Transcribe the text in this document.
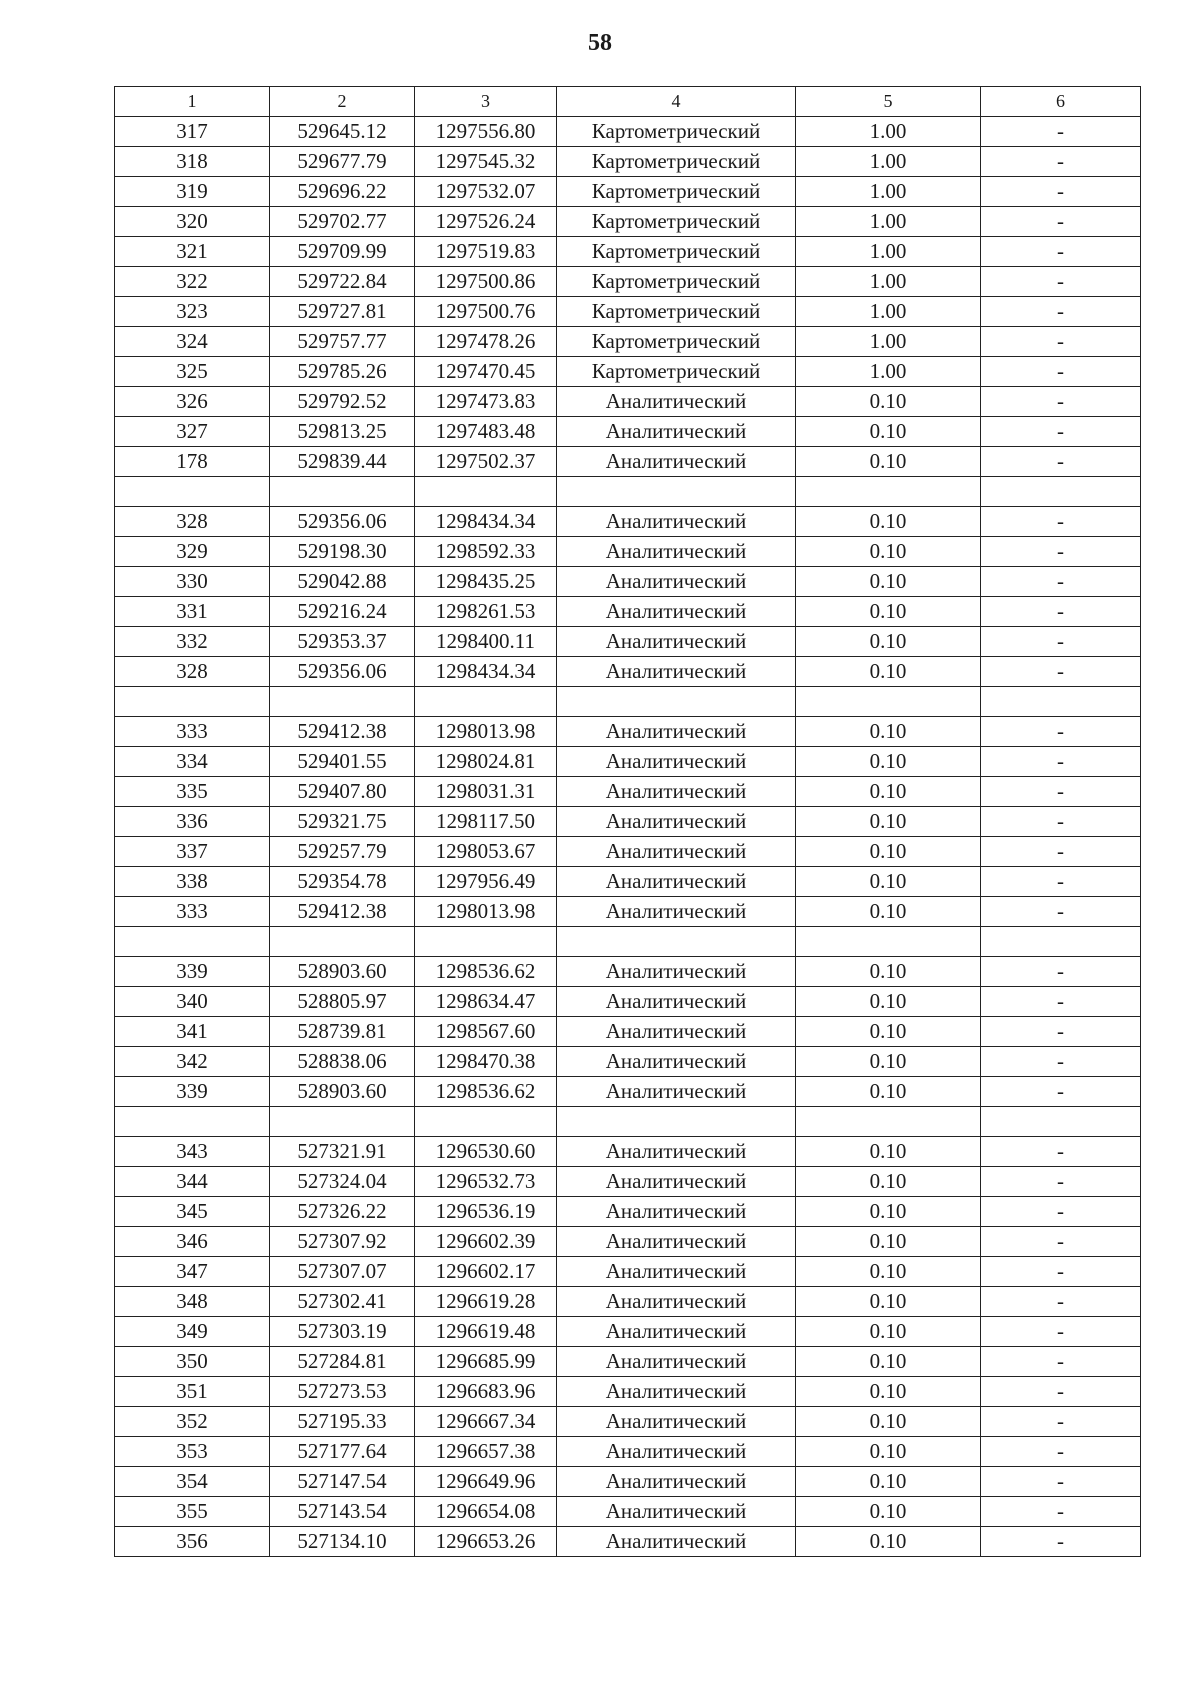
58
1	2	3	4	5	6
317	529645.12	1297556.80	Картометрический	1.00	-
318	529677.79	1297545.32	Картометрический	1.00	-
319	529696.22	1297532.07	Картометрический	1.00	-
320	529702.77	1297526.24	Картометрический	1.00	-
321	529709.99	1297519.83	Картометрический	1.00	-
322	529722.84	1297500.86	Картометрический	1.00	-
323	529727.81	1297500.76	Картометрический	1.00	-
324	529757.77	1297478.26	Картометрический	1.00	-
325	529785.26	1297470.45	Картометрический	1.00	-
326	529792.52	1297473.83	Аналитический	0.10	-
327	529813.25	1297483.48	Аналитический	0.10	-
178	529839.44	1297502.37	Аналитический	0.10	-

328	529356.06	1298434.34	Аналитический	0.10	-
329	529198.30	1298592.33	Аналитический	0.10	-
330	529042.88	1298435.25	Аналитический	0.10	-
331	529216.24	1298261.53	Аналитический	0.10	-
332	529353.37	1298400.11	Аналитический	0.10	-
328	529356.06	1298434.34	Аналитический	0.10	-

333	529412.38	1298013.98	Аналитический	0.10	-
334	529401.55	1298024.81	Аналитический	0.10	-
335	529407.80	1298031.31	Аналитический	0.10	-
336	529321.75	1298117.50	Аналитический	0.10	-
337	529257.79	1298053.67	Аналитический	0.10	-
338	529354.78	1297956.49	Аналитический	0.10	-
333	529412.38	1298013.98	Аналитический	0.10	-

339	528903.60	1298536.62	Аналитический	0.10	-
340	528805.97	1298634.47	Аналитический	0.10	-
341	528739.81	1298567.60	Аналитический	0.10	-
342	528838.06	1298470.38	Аналитический	0.10	-
339	528903.60	1298536.62	Аналитический	0.10	-

343	527321.91	1296530.60	Аналитический	0.10	-
344	527324.04	1296532.73	Аналитический	0.10	-
345	527326.22	1296536.19	Аналитический	0.10	-
346	527307.92	1296602.39	Аналитический	0.10	-
347	527307.07	1296602.17	Аналитический	0.10	-
348	527302.41	1296619.28	Аналитический	0.10	-
349	527303.19	1296619.48	Аналитический	0.10	-
350	527284.81	1296685.99	Аналитический	0.10	-
351	527273.53	1296683.96	Аналитический	0.10	-
352	527195.33	1296667.34	Аналитический	0.10	-
353	527177.64	1296657.38	Аналитический	0.10	-
354	527147.54	1296649.96	Аналитический	0.10	-
355	527143.54	1296654.08	Аналитический	0.10	-
356	527134.10	1296653.26	Аналитический	0.10	-
